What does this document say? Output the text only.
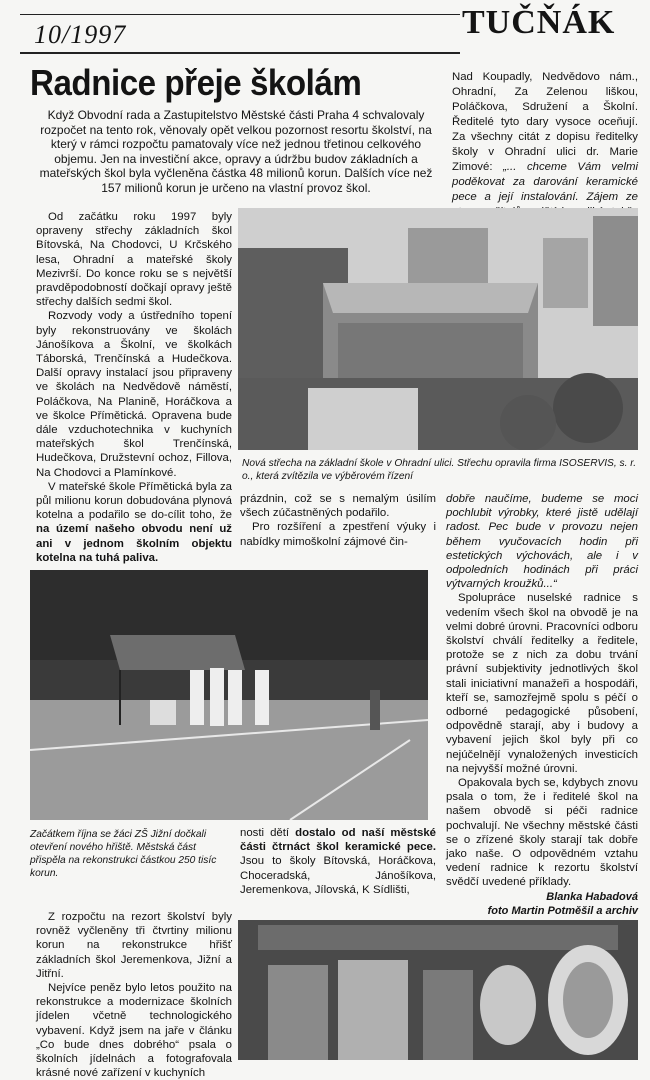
10/1997	TUČŇÁK
Radnice přeje školám
Když Obvodní rada a Zastupitelstvo Městské části Praha 4 schvalovaly rozpočet na tento rok, věnovaly opět velkou pozornost resortu školství, na který v rámci rozpočtu pamatovaly více než jednou třetinou celkového objemu. Jen na investiční akce, opravy a údržbu budov základních a mateřských škol byla vyčleněna částka 48 milionů korun. Dalších více než 157 milionů korun je určeno na vlastní provoz škol.
Nad Koupadly, Nedvědovo nám., Ohradní, Za Zelenou liškou, Poláčkova, Sdružení a Školní. Ředitelé tyto dary vysoce oceňují. Za všechny citát z dopisu ředitelky školy v Ohradní ulici dr. Marie Zimové: „... chceme Vám velmi poděkovat za darování keramické pece a její instalování. Zájem ze

Od začátku roku 1997 byly opraveny střechy základních škol Bítovská, Na Chodovci, U Krčského lesa, Ohradní a mateřské školy Mezivrší. Do konce roku se s největší pravděpodobností dočkají opravy ještě střechy dalších sedmi škol.

Rozvody vody a ústředního topení byly rekonstruovány ve školách Jánošíkova a Školní, ve školkách Táborská, Trenčínská a Hudečkova. Další opravy instalací jsou připraveny ve školách na Nedvědově náměstí, Poláčkova, Na Planině, Horáčkova a ve školce Přímětická. Opravena bude dále vzduchotechnika v kuchyních mateřských škol Trenčínská, Hudečkova, Družstevní ochoz, Fillova, Na Chodovci a Plamínkové.

V mateřské škole Přímětická byla za půl milionu korun dobudována plynová kotelna a podařilo se do-cílit toho, že na území našeho obvodu není už ani v jednom školním objektu kotelna na tuhá paliva.

Nová střecha na základní škole v Ohradní ulici. Střechu opravila firma ISOSERVIS, s. r. o., která zvítězila ve výběrovém řízení

prázdnin, což se s nemalým úsilím všech zúčastněných podařilo.

Pro rozšíření a zpestření výuky i nabídky mimoškolní zájmové čin-

dobře naučíme, budeme se moci pochlubit výrobky, které jistě udělají radost. Pec bude v provozu nejen během vyučovacích hodin při estetických výchovách, ale i v odpoledních hodinách při práci výtvarných kroužků...“

Spolupráce nuselské radnice s vedením všech škol na obvodě je na velmi dobré úrovni. Pracovníci odboru školství chválí ředitelky a ředitele, protože se z nich za dobu trvání právní subjektivity jednotlivých škol stali iniciativní manažeři a hospodáři, kteří se, samozřejmě spolu s péčí o odborné pedagogické působení, odpovědně starají, aby i budovy a vybavení jejich škol byly při co nejúčelnějí vynaložených investicích na nejvyšší možné úrovni.

Opakovala bych se, kdybych znovu psala o tom, že i ředitelé škol na našem obvodě si péči radnice pochvalují. Ne všechny městské části se o zřízené školy starají tak dobře jako naše. O odpovědném vztahu vedení radnice k rezortu školství svědčí uvedené příklady.

Blanka Habadová
foto Martin Potměšil a archiv
Začátkem října se žáci ZŠ Jižní dočkali otevření nového hřiště. Městská část přispěla na rekonstrukci částkou 250 tisíc korun.

nosti dětí dostalo od naší městské části čtrnáct škol keramické pece. Jsou to školy Bítovská, Horáčkova, Choceradská, Jánošíkova, Jeremenkova, Jílovská, K Sídlišti,

Z rozpočtu na rezort školství byly rovněž vyčleněny tři čtvrtiny milionu korun na rekonstrukce hřišť základních škol Jeremenkova, Jižní a Jitřní.

Nejvíce peněz bylo letos použito na rekonstrukce a modernizace školních jídelen včetně technologického vybavení. Když jsem na jaře v článku „Co bude dnes dobrého“ psala o školních jídelnách a fotografovala krásné nové zařízení v kuchyních
